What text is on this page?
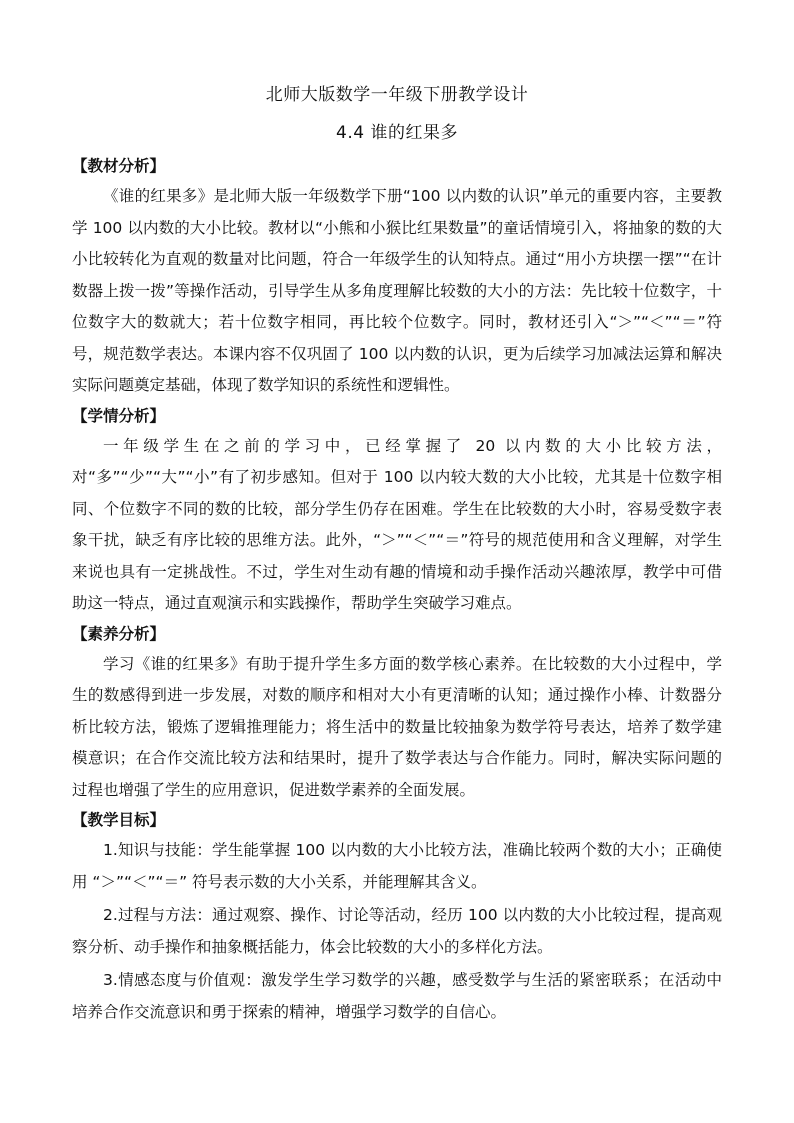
北师大版数学一年级下册教学设计
4.4 谁的红果多
【教材分析】

《谁的红果多》是北师大版一年级数学下册“100 以内数的认识”单元的重要内容，主要教学 100 以内数的大小比较。教材以“小熊和小猴比红果数量”的童话情境引入，将抽象的数的大小比较转化为直观的数量对比问题，符合一年级学生的认知特点。通过“用小方块摆一摆”“在计数器上拨一拨”等操作活动，引导学生从多角度理解比较数的大小的方法：先比较十位数字，十位数字大的数就大；若十位数字相同，再比较个位数字。同时，教材还引入“＞”“＜”“＝”符号，规范数学表达。本课内容不仅巩固了 100 以内数的认识，更为后续学习加减法运算和解决实际问题奠定基础，体现了数学知识的系统性和逻辑性。

【学情分析】

一年级学生在之前的学习中，已经掌握了 20 以内数的大小比较方法，对“多”“少”“大”“小”有了初步感知。但对于 100 以内较大数的大小比较，尤其是十位数字相同、个位数字不同的数的比较，部分学生仍存在困难。学生在比较数的大小时，容易受数字表象干扰，缺乏有序比较的思维方法。此外，“＞”“＜”“＝”符号的规范使用和含义理解，对学生来说也具有一定挑战性。不过，学生对生动有趣的情境和动手操作活动兴趣浓厚，教学中可借助这一特点，通过直观演示和实践操作，帮助学生突破学习难点。

【素养分析】

学习《谁的红果多》有助于提升学生多方面的数学核心素养。在比较数的大小过程中，学生的数感得到进一步发展，对数的顺序和相对大小有更清晰的认知；通过操作小棒、计数器分析比较方法，锻炼了逻辑推理能力；将生活中的数量比较抽象为数学符号表达，培养了数学建模意识；在合作交流比较方法和结果时，提升了数学表达与合作能力。同时，解决实际问题的过程也增强了学生的应用意识，促进数学素养的全面发展。

【教学目标】

1.知识与技能：学生能掌握 100 以内数的大小比较方法，准确比较两个数的大小；正确使用 “＞”“＜”“＝” 符号表示数的大小关系，并能理解其含义。

2.过程与方法：通过观察、操作、讨论等活动，经历 100 以内数的大小比较过程，提高观察分析、动手操作和抽象概括能力，体会比较数的大小的多样化方法。

3.情感态度与价值观：激发学生学习数学的兴趣，感受数学与生活的紧密联系；在活动中培养合作交流意识和勇于探索的精神，增强学习数学的自信心。
